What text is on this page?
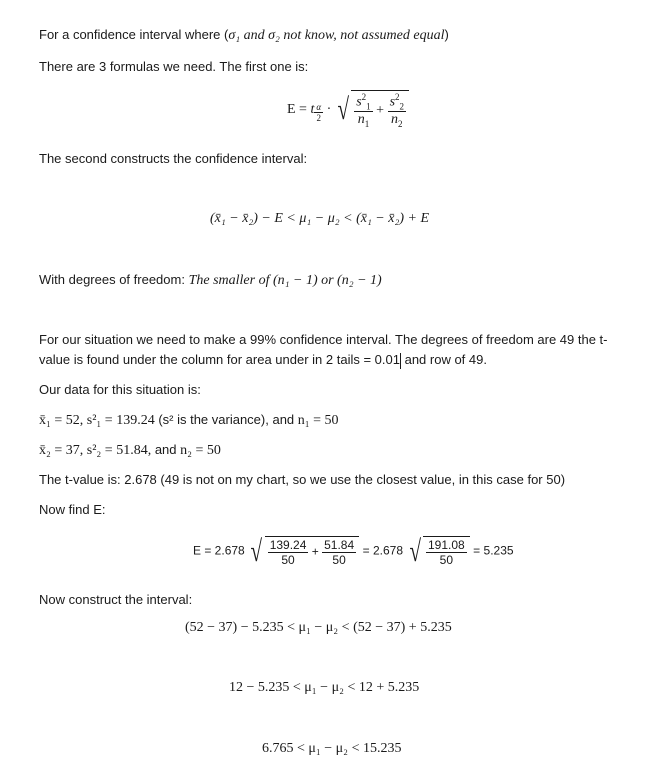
For a confidence interval where (σ₁ and σ₂ not know, not assumed equal)
There are 3 formulas we need. The first one is:
E = t $\frac{\alpha}{2}$ · √ $\frac{s^2_1}{n_1} + \frac{s^2_2}{n_2}$
The second constructs the confidence interval:
(x̄₁ − x̄₂) − E < μ₁ − μ₂ < (x̄₁ − x̄₂) + E
With degrees of freedom: The smaller of (n₁ − 1) or (n₂ − 1)
For our situation we need to make a 99% confidence interval. The degrees of freedom are 49 the t-
value is found under the column for area under in 2 tails = 0.01 and row of 49.
Our data for this situation is:
x̄₁ = 52, s²₁ = 139.24 (s² is the variance), and n₁ = 50
x̄₂ = 37, s²₂ = 51.84, and n₂ = 50
The t-value is: 2.678 (49 is not on my chart, so we use the closest value, in this case for 50)
Now find E:
E = 2.678 √ $\frac{139.24}{50} + \frac{51.84}{50} = 2.678$ √ $\frac{191.08}{50} = 5.235$
Now construct the interval:
(52 − 37) − 5.235 < μ₁ − μ₂ < (52 − 37) + 5.235
12 − 5.235 < μ₁ − μ₂ < 12 + 5.235
6.765 < μ₁ − μ₂ < 15.235
